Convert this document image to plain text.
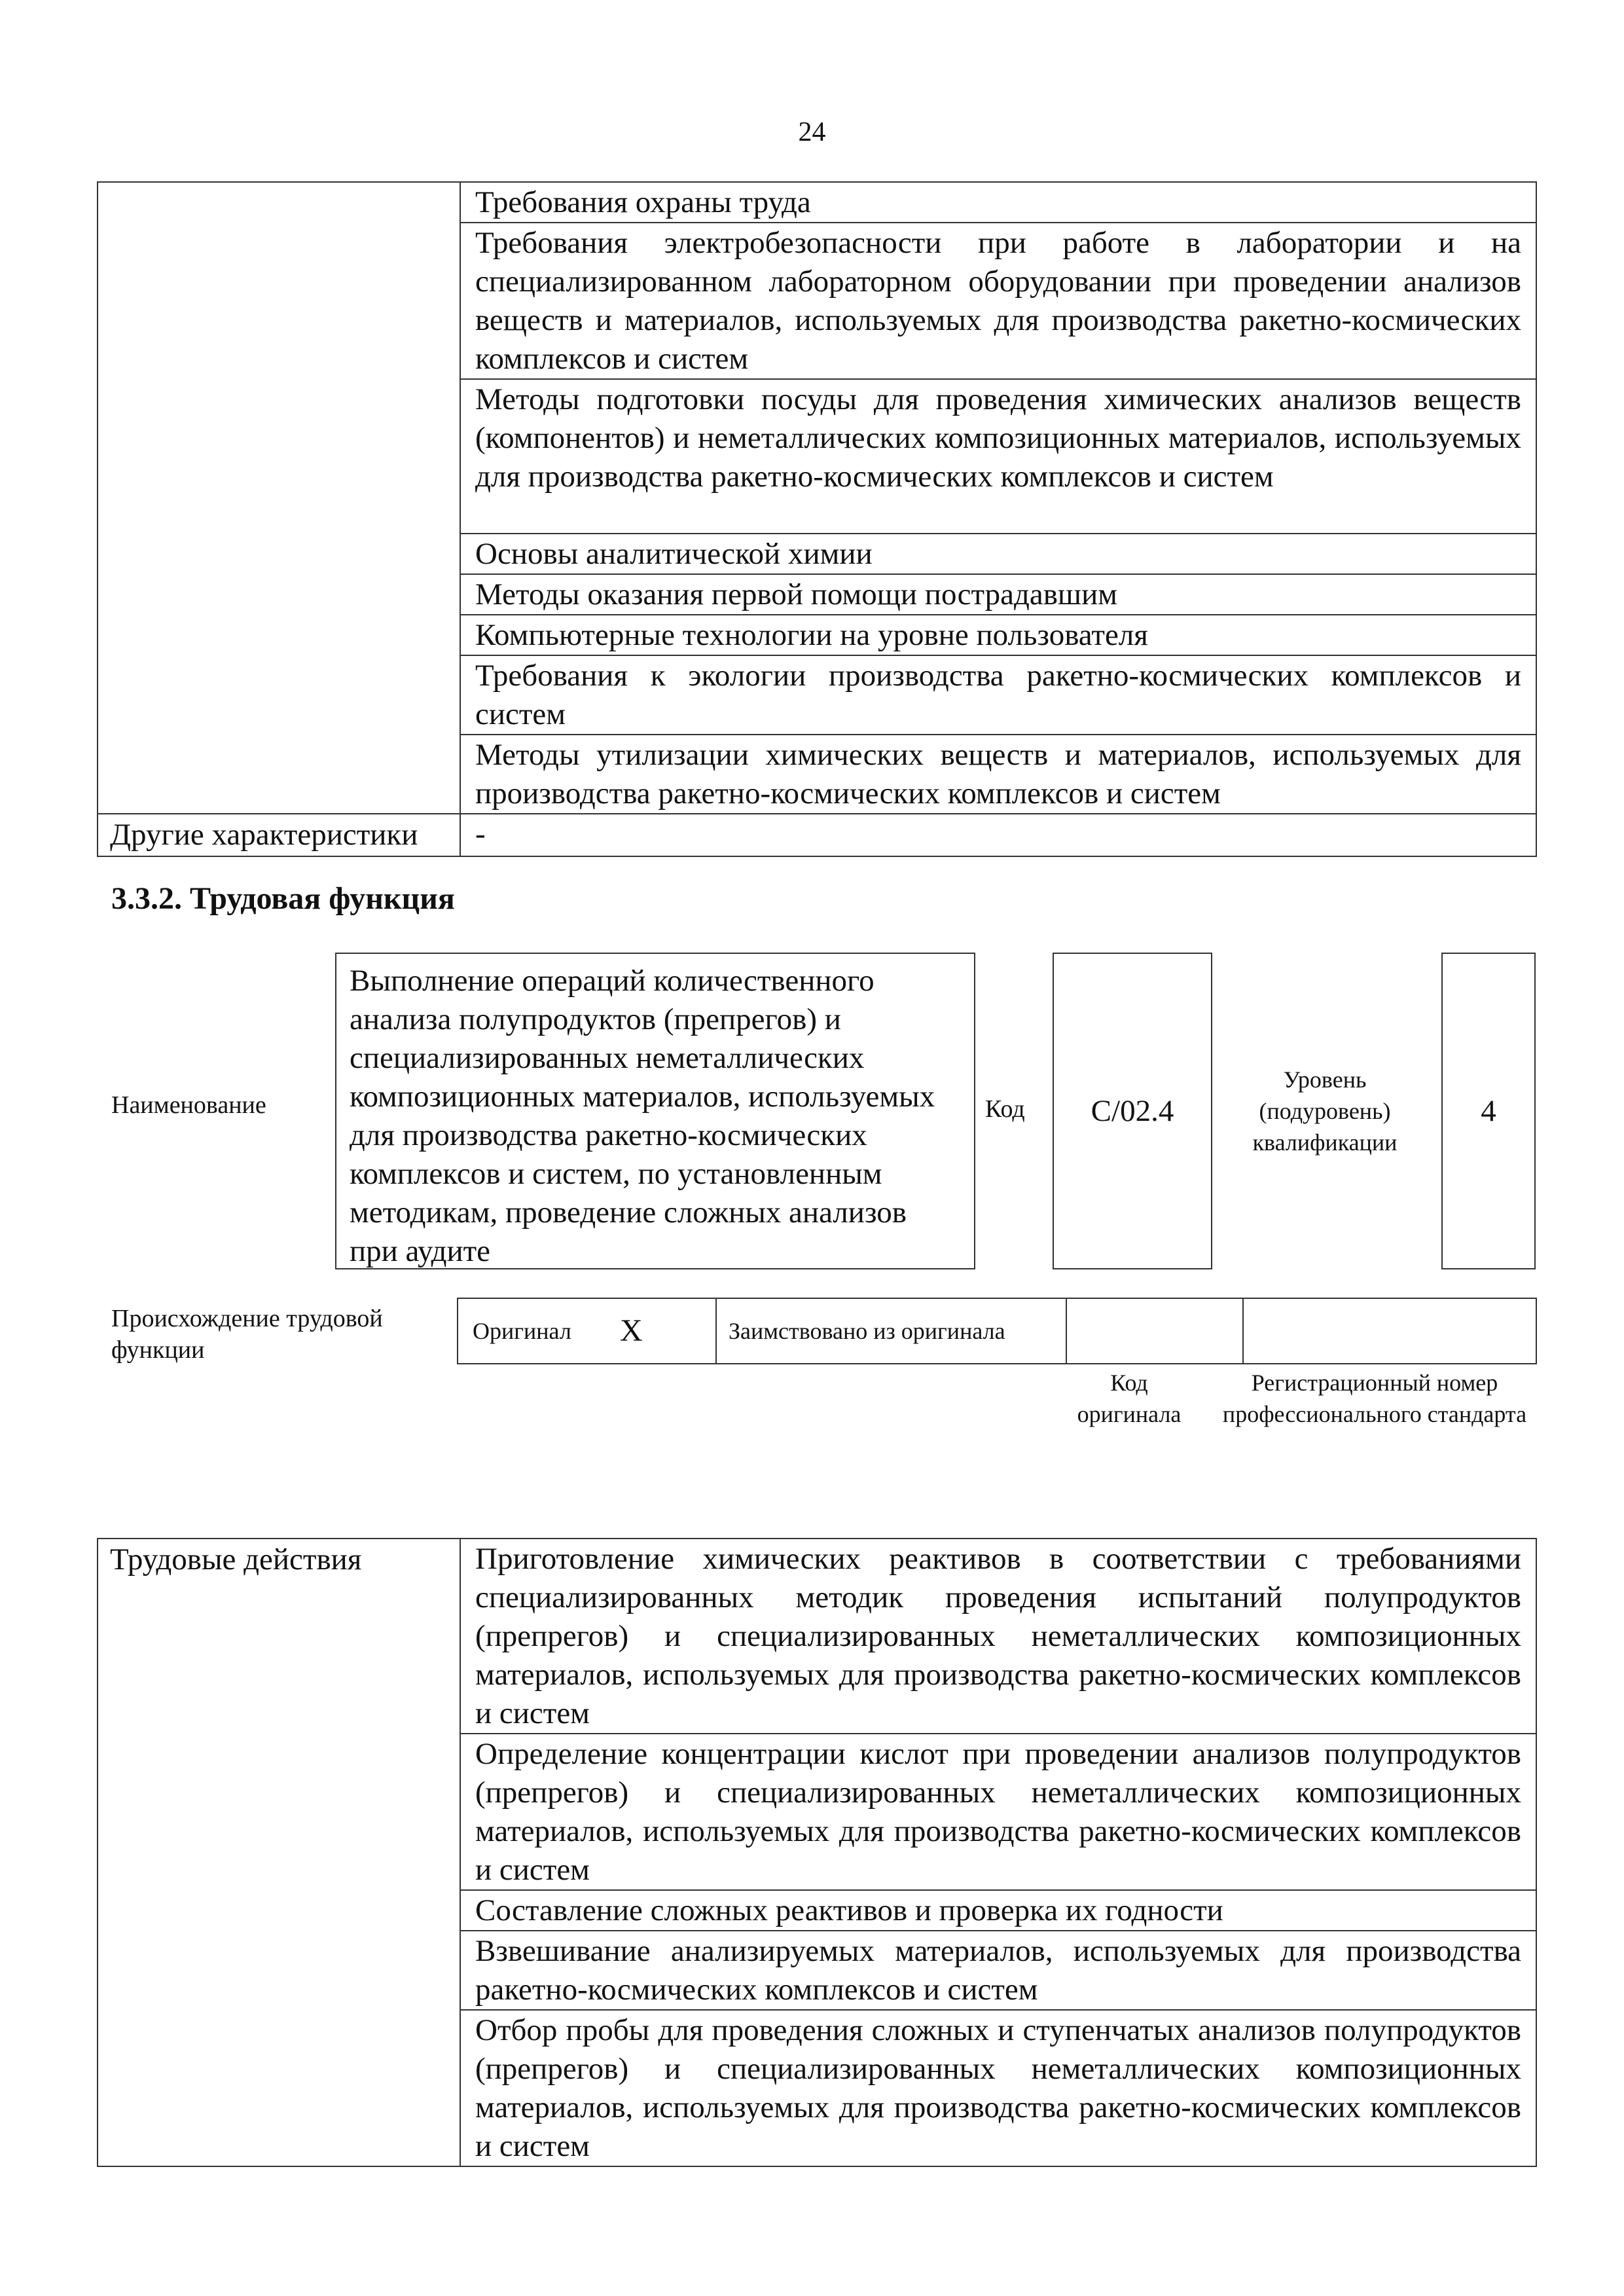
24
	Требования охраны труда
	Требования электробезопасности при работе в лаборатории и на специализированном лабораторном оборудовании при проведении анализов веществ и материалов, используемых для производства ракетно-космических комплексов и систем
	Методы подготовки посуды для проведения химических анализов веществ (компонентов) и неметаллических композиционных материалов, используемых для производства ракетно-космических комплексов и систем
	Основы аналитической химии
	Методы оказания первой помощи пострадавшим
	Компьютерные технологии на уровне пользователя
	Требования к экологии производства ракетно-космических комплексов и систем
	Методы утилизации химических веществ и материалов, используемых для производства ракетно-космических комплексов и систем
Другие характеристики	-
3.3.2. Трудовая функция
Наименование
Выполнение операций количественного анализа полупродуктов (препрегов) и специализированных неметаллических композиционных материалов, используемых для производства ракетно-космических комплексов и систем, по установленным методикам, проведение сложных анализов при аудите
Код C/02.4
Уровень (подуровень) квалификации
4
Происхождение трудовой функции
Оригинал	X	Заимствовано из оригинала		
Код оригинала
Регистрационный номер профессионального стандарта
Трудовые действия	Приготовление химических реактивов в соответствии с требованиями специализированных методик проведения испытаний полупродуктов (препрегов) и специализированных неметаллических композиционных материалов, используемых для производства ракетно-космических комплексов и систем
Определение концентрации кислот при проведении анализов полупродуктов (препрегов) и специализированных неметаллических композиционных материалов, используемых для производства ракетно-космических комплексов и систем
Составление сложных реактивов и проверка их годности
Взвешивание анализируемых материалов, используемых для производства ракетно-космических комплексов и систем
Отбор пробы для проведения сложных и ступенчатых анализов полупродуктов (препрегов) и специализированных неметаллических композиционных материалов, используемых для производства ракетно-космических комплексов и систем
